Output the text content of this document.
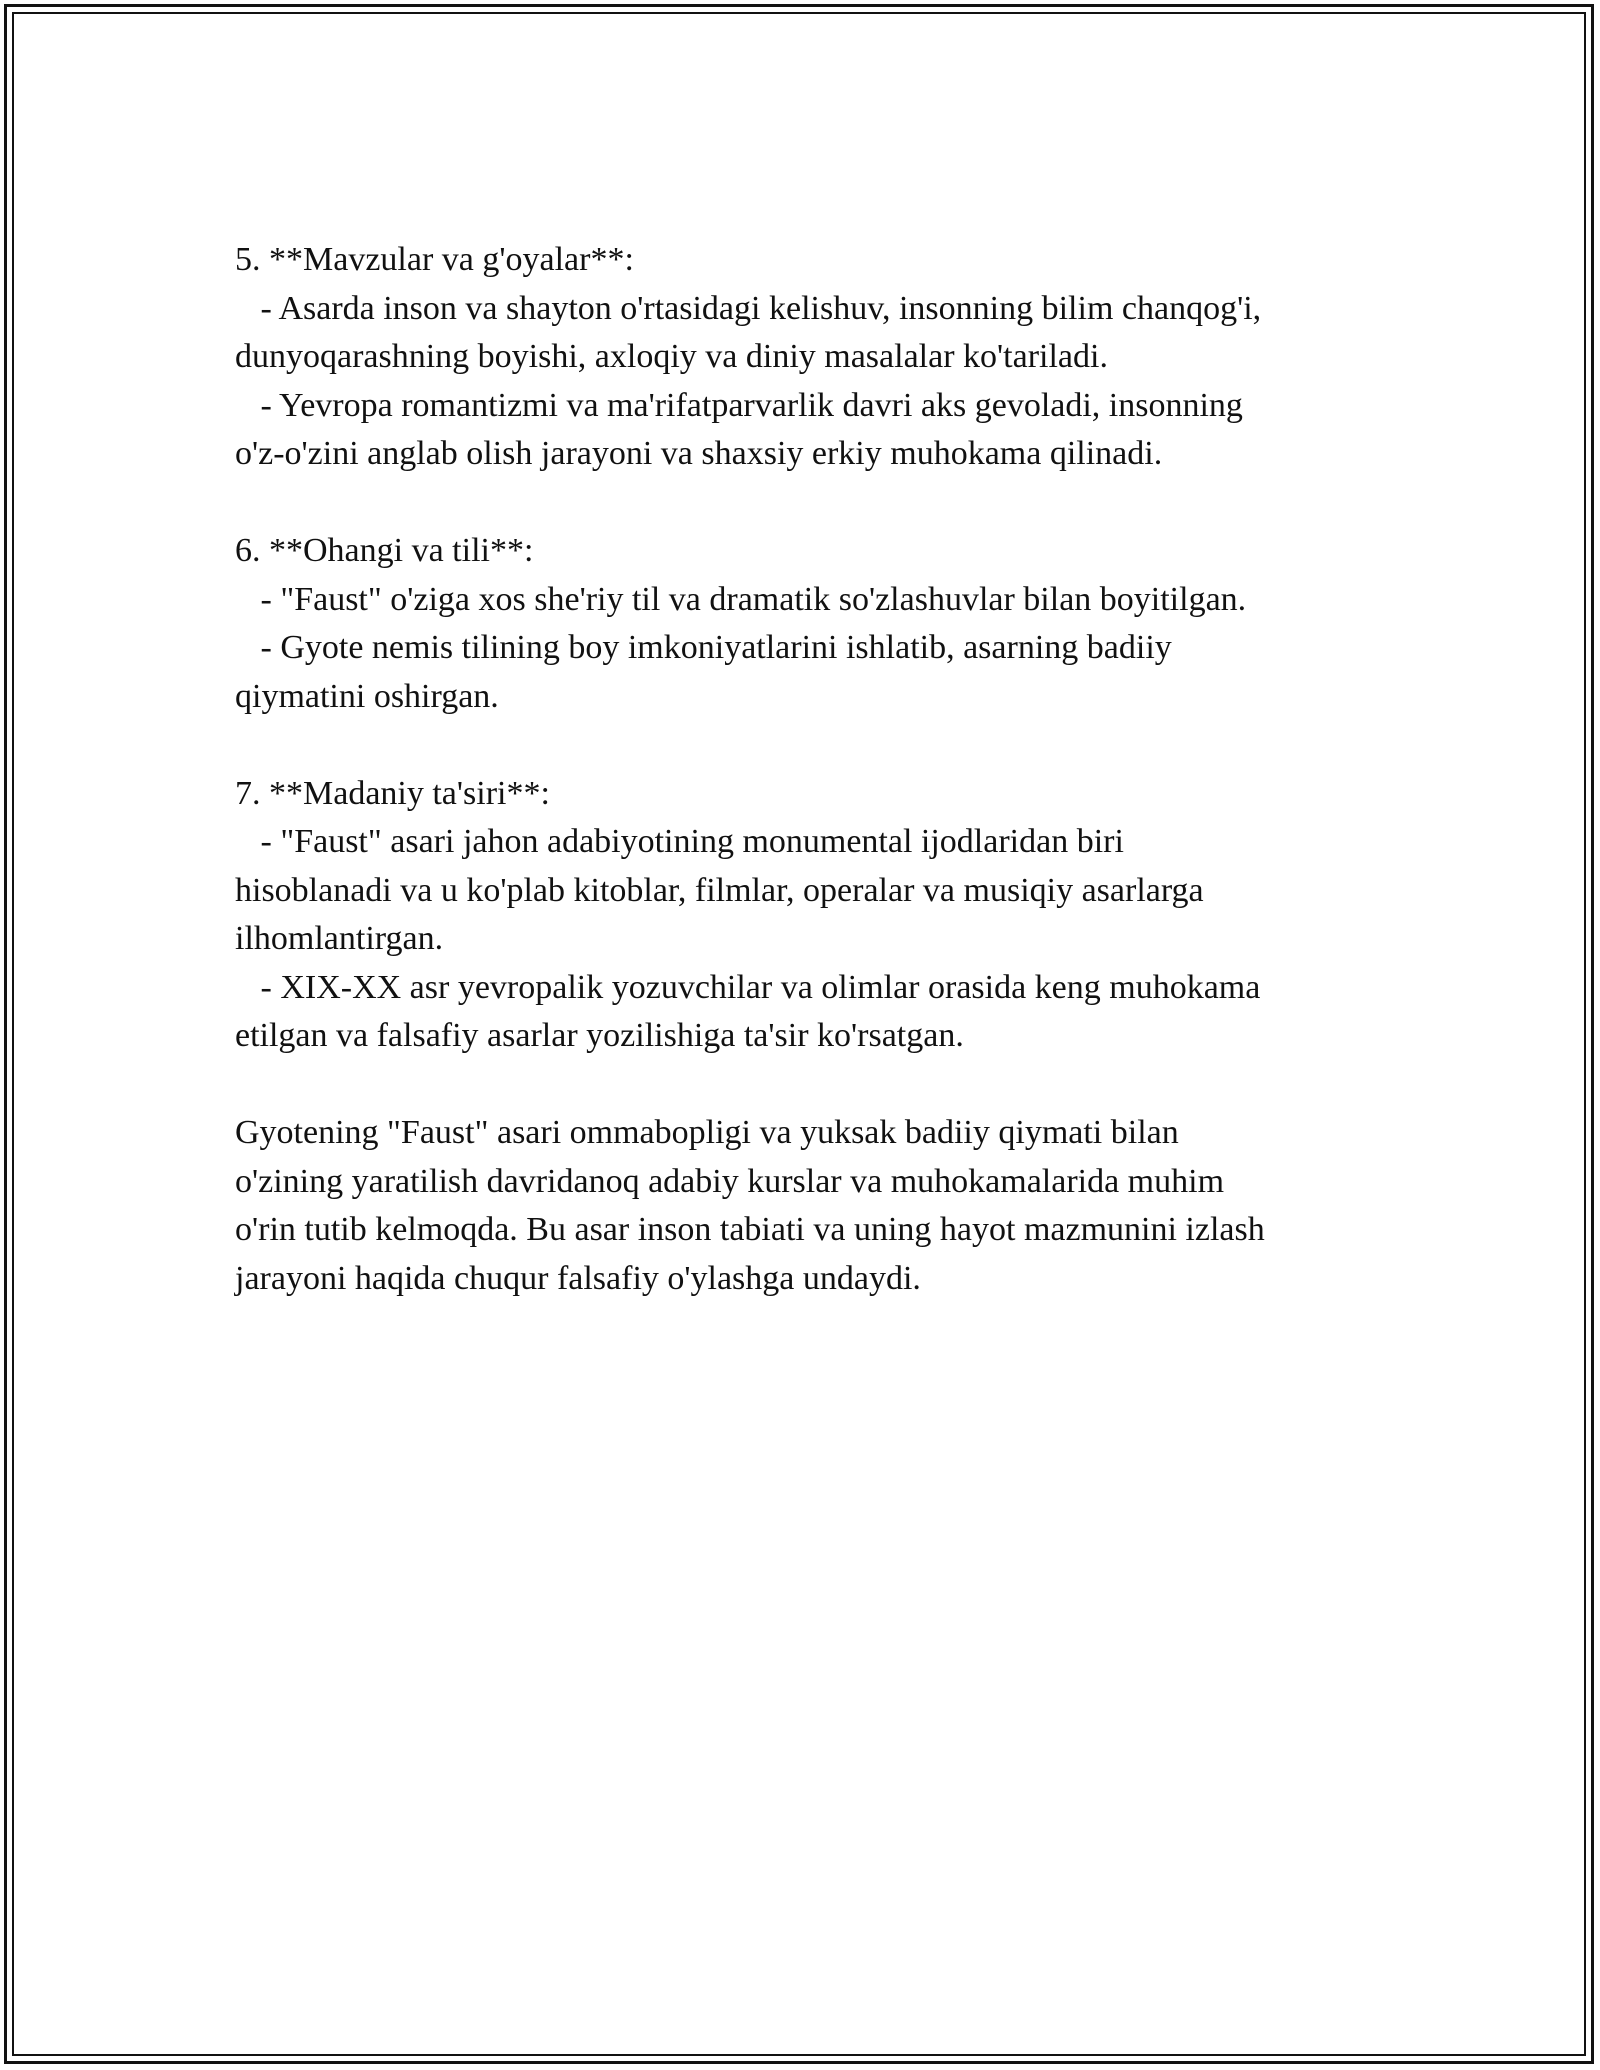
5. **Mavzular va g'oyalar**:
- Asarda inson va shayton o'rtasidagi kelishuv, insonning bilim chanqog'i,
dunyoqarashning boyishi, axloqiy va diniy masalalar ko'tariladi.
- Yevropa romantizmi va ma'rifatparvarlik davri aks gevoladi, insonning
o'z-o'zini anglab olish jarayoni va shaxsiy erkiy muhokama qilinadi.
6. **Ohangi va tili**:
- "Faust" o'ziga xos she'riy til va dramatik so'zlashuvlar bilan boyitilgan.
- Gyote nemis tilining boy imkoniyatlarini ishlatib, asarning badiiy
qiymatini oshirgan.
7. **Madaniy ta'siri**:
- "Faust" asari jahon adabiyotining monumental ijodlaridan biri
hisoblanadi va u ko'plab kitoblar, filmlar, operalar va musiqiy asarlarga
ilhomlantirgan.
- XIX-XX asr yevropalik yozuvchilar va olimlar orasida keng muhokama
etilgan va falsafiy asarlar yozilishiga ta'sir ko'rsatgan.
Gyotening "Faust" asari ommabopligi va yuksak badiiy qiymati bilan
o'zining yaratilish davridanoq adabiy kurslar va muhokamalarida muhim
o'rin tutib kelmoqda. Bu asar inson tabiati va uning hayot mazmunini izlash
jarayoni haqida chuqur falsafiy o'ylashga undaydi.
